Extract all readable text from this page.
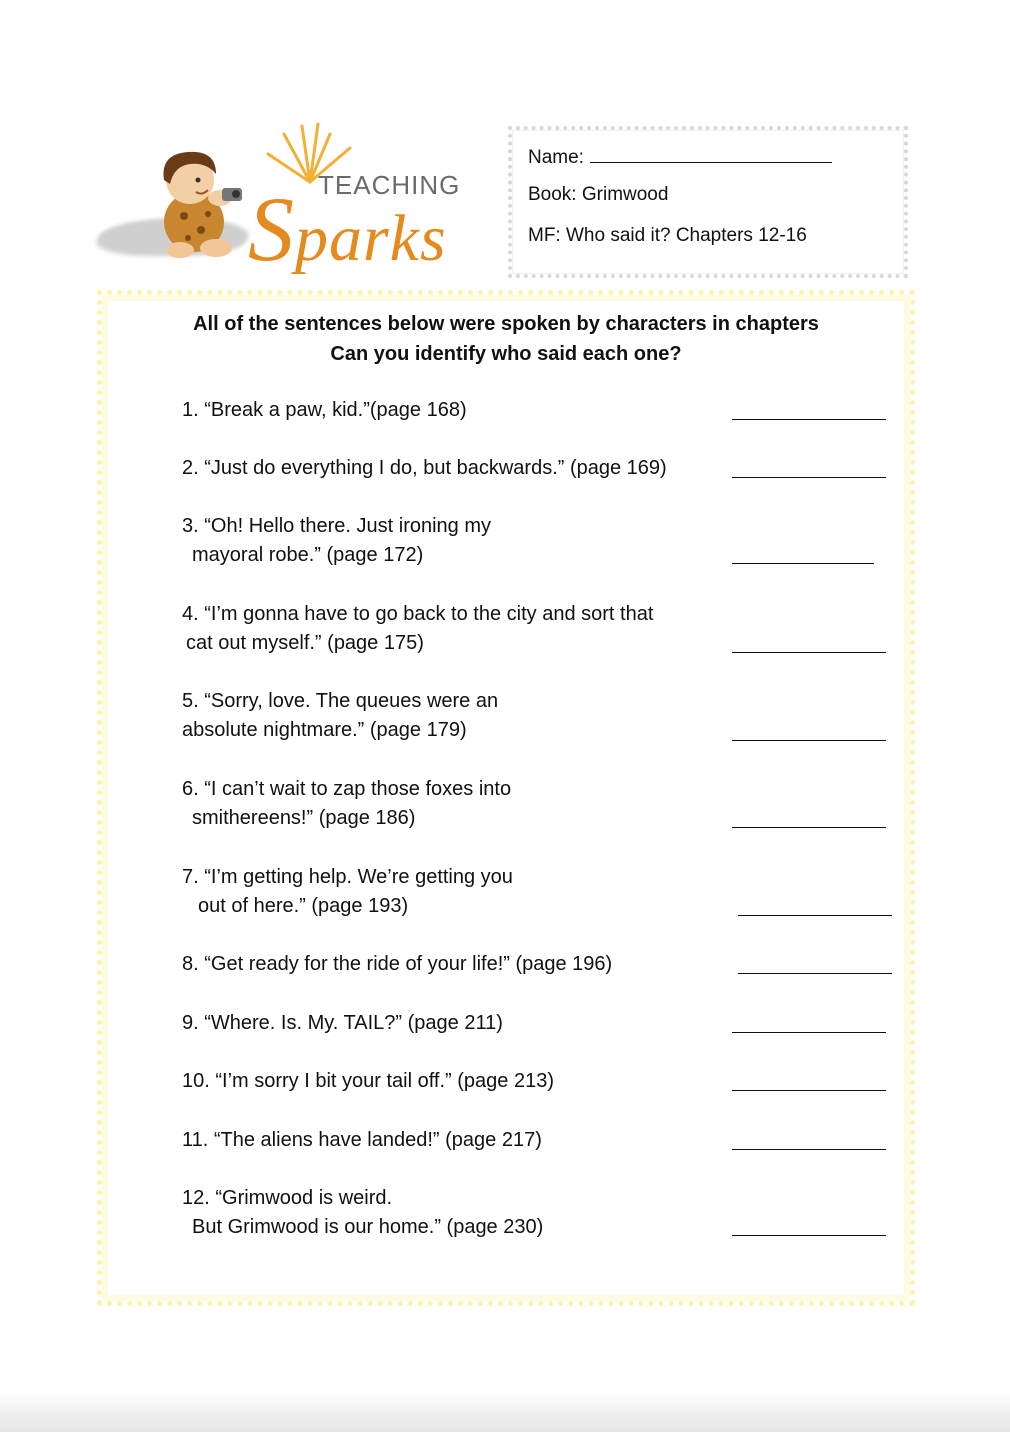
TEACHING
Sparks
Name:
Book: Grimwood
MF: Who said it? Chapters 12-16
All of the sentences below were spoken by characters in chapters
Can you identify who said each one?
1. “Break a paw, kid.”(page 168)
2. “Just do everything I do, but backwards.” (page 169)
3. “Oh! Hello there. Just ironing my
mayoral robe.” (page 172)
4. “I’m gonna have to go back to the city and sort that
cat out myself.” (page 175)
5. “Sorry, love. The queues were an
absolute nightmare.” (page 179)
6. “I can’t wait to zap those foxes into
smithereens!” (page 186)
7. “I’m getting help. We’re getting you
out of here.” (page 193)
8. “Get ready for the ride of your life!” (page 196)
9. “Where. Is. My. TAIL?” (page 211)
10. “I’m sorry I bit your tail off.” (page 213)
11. “The aliens have landed!” (page 217)
12. “Grimwood is weird.
But Grimwood is our home.” (page 230)
